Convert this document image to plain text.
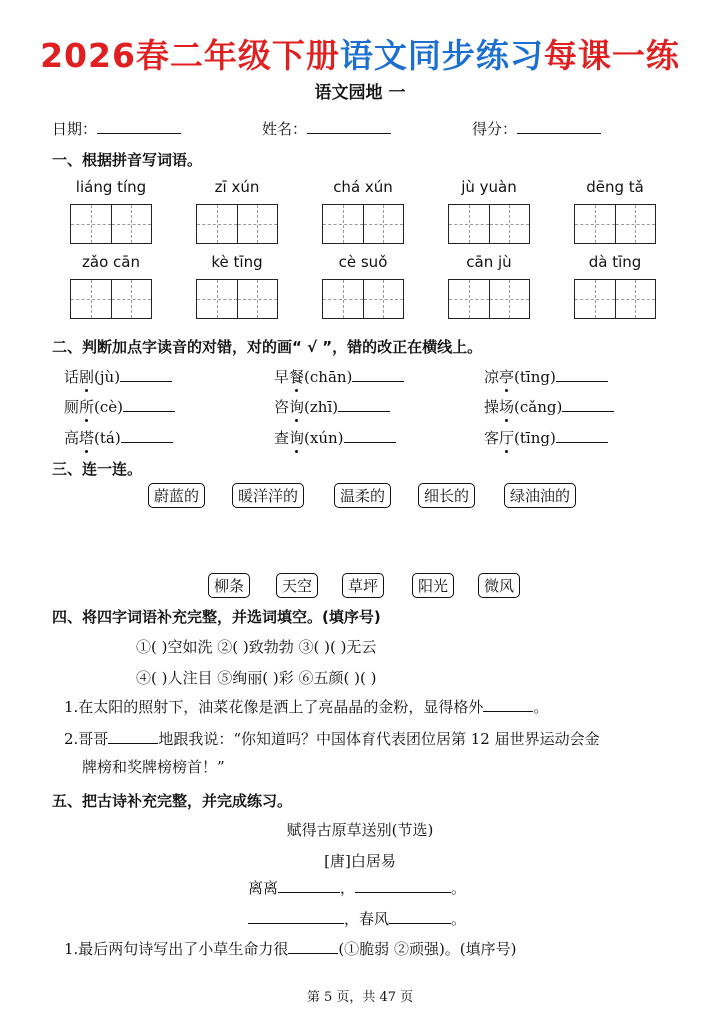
2026春二年级下册语文同步练习每课一练
语文园地 一
日期：	姓名：	得分：
一、根据拼音写词语。
liáng tíng	zī xún	chá xún	jù yuàn	dēng tǎ
zǎo cān	kè tīng	cè suǒ	cān jù	dà tīng
二、判断加点字读音的对错，对的画“ √ ”，错的改正在横线上。
话剧(jù)	早餐(chān)	凉亭(tīng)
厕所(cè)	咨询(zhī)	操场(cǎng)
高塔(tá)	查询(xún)	客厅(tīng)
三、连一连。
蔚蓝的	暖洋洋的	温柔的	细长的	绿油油的
柳条	天空	草坪	阳光	微风
四、将四字词语补充完整，并选词填空。(填序号)
①( )空如洗 ②( )致勃勃 ③( )( )无云
④( )人注目 ⑤绚丽( )彩 ⑥五颜( )( )
1.在太阳的照射下，油菜花像是洒上了亮晶晶的金粉，显得格外	。
2.哥哥	地跟我说：“你知道吗？中国体育代表团位居第 12 届世界运动会金
牌榜和奖牌榜榜首！”
五、把古诗补充完整，并完成练习。
赋得古原草送别(节选)
[唐]白居易
离离	，	。
，春风	。
1.最后两句诗写出了小草生命力很	(①脆弱 ②顽强)。(填序号)
第 5 页，共 47 页
